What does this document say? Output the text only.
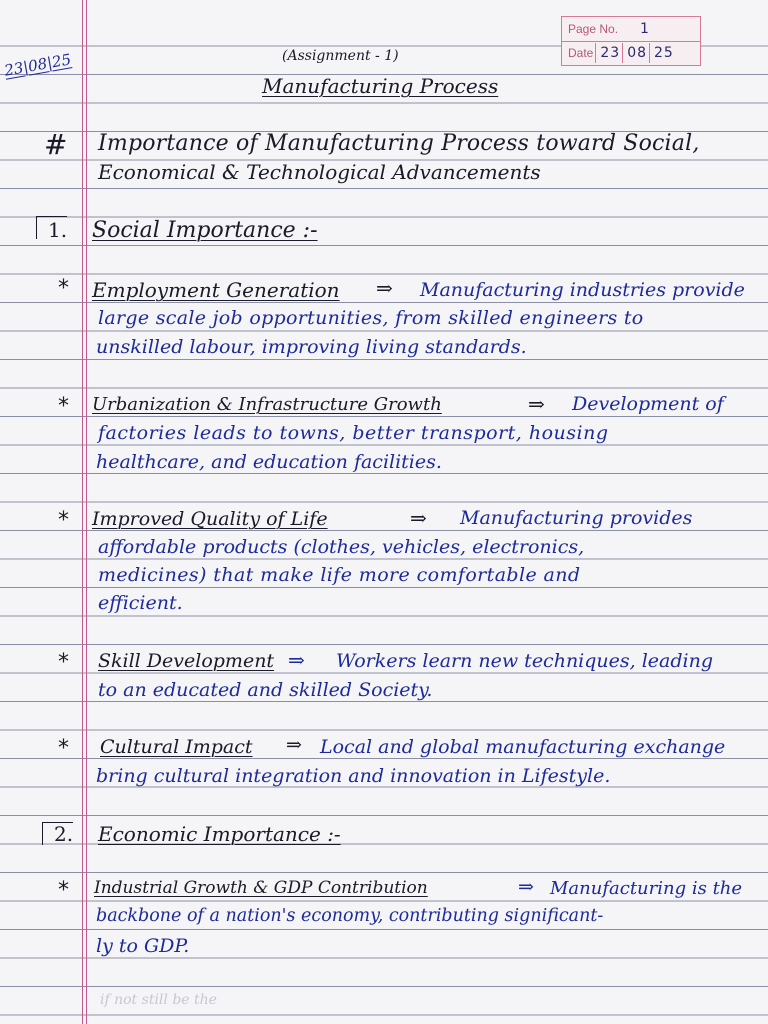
Page No. 1
Date 23 08 25
23|08|25	(Assignment - 1)
Manufacturing Process
# Importance of Manufacturing Process toward Social,
Economical & Technological Advancements
1. Social Importance :-
* Employment Generation ⇒ Manufacturing industries provide
large scale job opportunities, from skilled engineers to
unskilled labour, improving living standards.
* Urbanization & Infrastructure Growth	⇒ Development of
factories leads to towns, better transport, housing
healthcare, and education facilities.
* Improved Quality of Life	⇒ Manufacturing provides
affordable products (clothes, vehicles, electronics,
medicines) that make life more comfortable and
efficient.
* Skill Development ⇒ Workers learn new techniques, leading
to an educated and skilled Society.
* Cultural Impact ⇒ Local and global manufacturing exchange
bring cultural integration and innovation in Lifestyle.
2. Economic Importance :-
* Industrial Growth & GDP Contribution	⇒ Manufacturing is the
backbone of a nation's economy, contributing significant-
ly to GDP.
if not still be the
